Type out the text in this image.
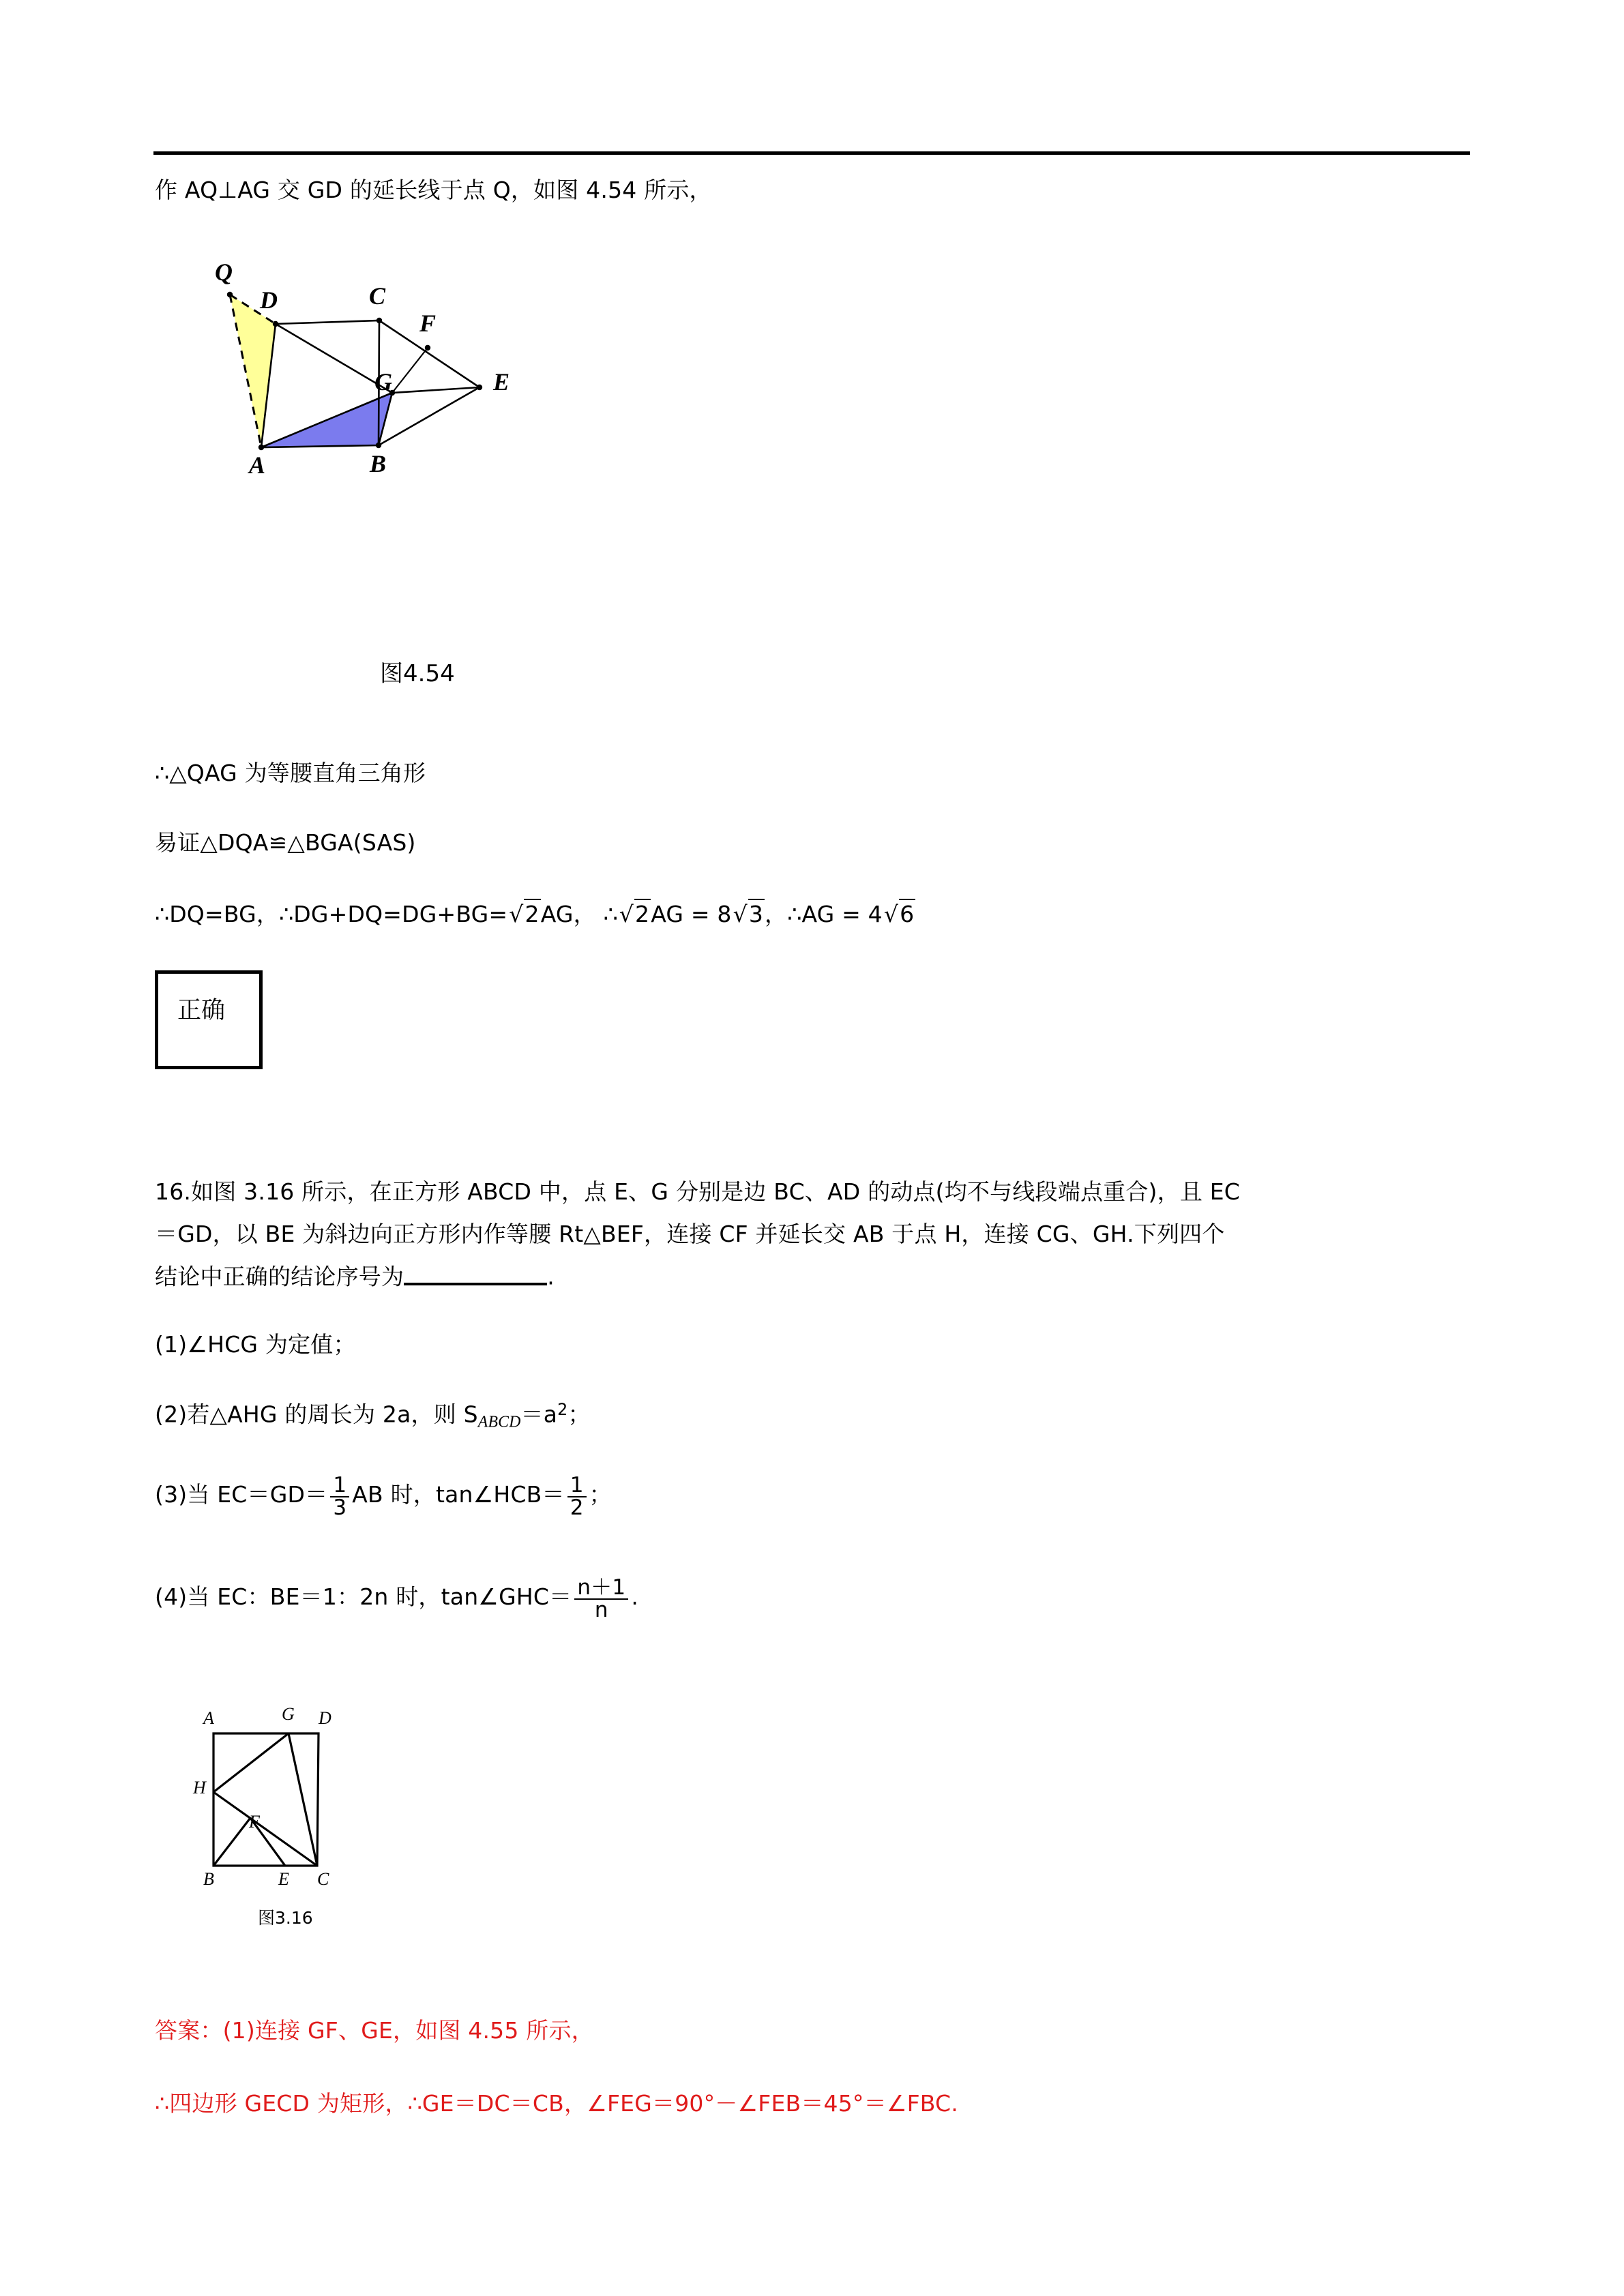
作 AQ⊥AG 交 GD 的延长线于点 Q，如图 4.54 所示，
Q
D	C
F
E
G
A	B
图4.54
∴△QAG 为等腰直角三角形
易证△DQA≌△BGA(SAS)
∴DQ=BG，∴DG+DQ=DG+BG=√2AG， ∴√2AG = 8√3，∴AG = 4√6
正确
16.如图 3.16 所示，在正方形 ABCD 中，点 E、G 分别是边 BC、AD 的动点(均不与线段端点重合)，且 EC
＝GD，以 BE 为斜边向正方形内作等腰 Rt△BEF，连接 CF 并延长交 AB 于点 H，连接 CG、GH.下列四个
结论中正确的结论序号为	.
(1)∠HCG 为定值；
(2)若△AHG 的周长为 2a，则 $S_{ABCD}=a^2$；
(3)当 $EC=GD= \frac{1}{3}$ AB 时，tan∠HCB＝ $\frac{1}{2}$ ；
(4)当 EC：BE＝1：2n 时，tan∠GHC＝ $\frac{n+1}{n}$ .
A	G D
H
F
B	E C
图3.16
答案：(1)连接 GF、GE，如图 4.55 所示，
∴四边形 GECD 为矩形，∴GE＝DC＝CB，∠FEG＝90°－∠FEB＝45°＝∠FBC.
